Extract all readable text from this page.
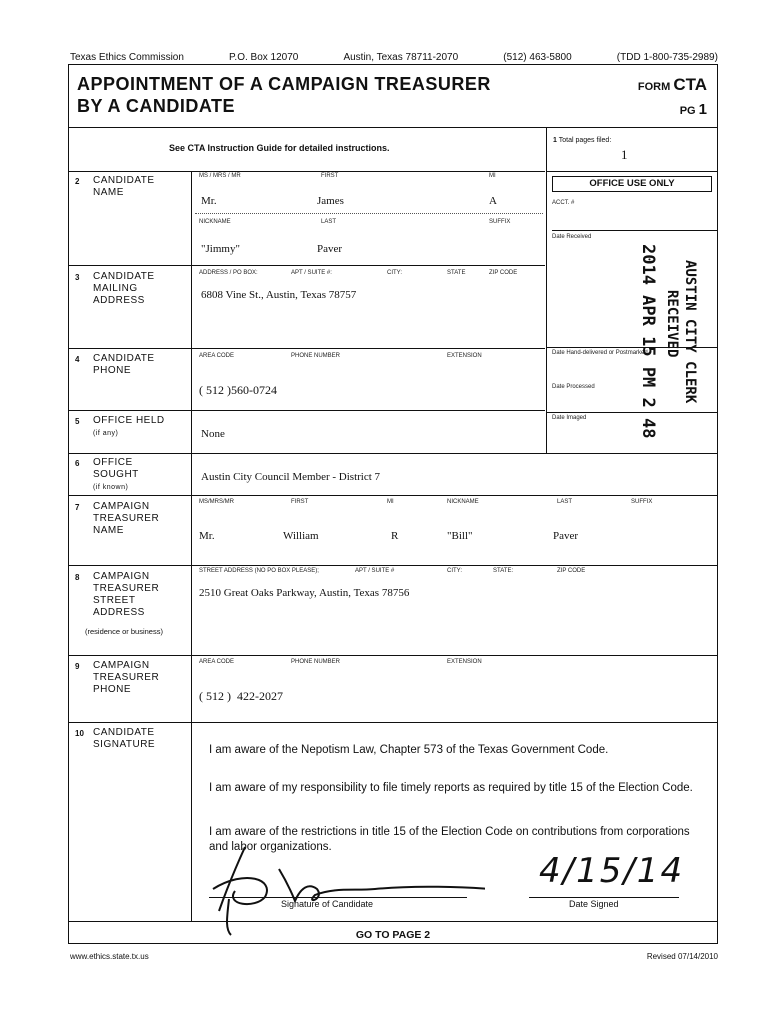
Texas Ethics Commission	P.O. Box 12070	Austin, Texas 78711-2070	(512) 463-5800	(TDD 1-800-735-2989)
APPOINTMENT OF A CAMPAIGN TREASURER
BY A CANDIDATE
FORM CTA
PG 1
See CTA Instruction Guide for detailed instructions.
1 Total pages filed:
1
OFFICE USE ONLY
ACCT. #
Date Received
Date Hand-delivered or Postmarked
Date Processed
Date Imaged
AUSTIN CITY CLERK
RECEIVED
2014 APR 15 PM 2 48
2 CANDIDATE NAME
MS / MRS / MR	FIRST	MI
Mr.	James	A
NICKNAME	LAST	SUFFIX
"Jimmy"	Paver
3 CANDIDATE MAILING ADDRESS
ADDRESS / PO BOX:	APT / SUITE #:	CITY:	STATE	ZIP CODE
6808 Vine St., Austin, Texas 78757
4 CANDIDATE PHONE
AREA CODE	PHONE NUMBER	EXTENSION
( 512 )560-0724
5 OFFICE HELD
(if any)	None
6 OFFICE SOUGHT
(if known)
Austin City Council Member - District 7
7 CAMPAIGN TREASURER NAME
MS/MRS/MR	FIRST	MI	NICKNAME	LAST	SUFFIX
Mr.	William	R	"Bill"	Paver
8 CAMPAIGN TREASURER STREET ADDRESS
(residence or business)
STREET ADDRESS (NO PO BOX PLEASE);	APT / SUITE #	CITY:	STATE:	ZIP CODE
2510 Great Oaks Parkway, Austin, Texas 78756
9 CAMPAIGN TREASURER PHONE
AREA CODE	PHONE NUMBER	EXTENSION
( 512 )  422-2027
10 CANDIDATE SIGNATURE	I am aware of the Nepotism Law, Chapter 573 of the Texas Government Code.
I am aware of my responsibility to file timely reports as required by title 15 of the Election Code.
I am aware of the restrictions in title 15 of the Election Code on contributions from corporations and labor organizations.
Signature of Candidate	Date Signed
4/15/14
GO TO PAGE 2
www.ethics.state.tx.us	Revised 07/14/2010
